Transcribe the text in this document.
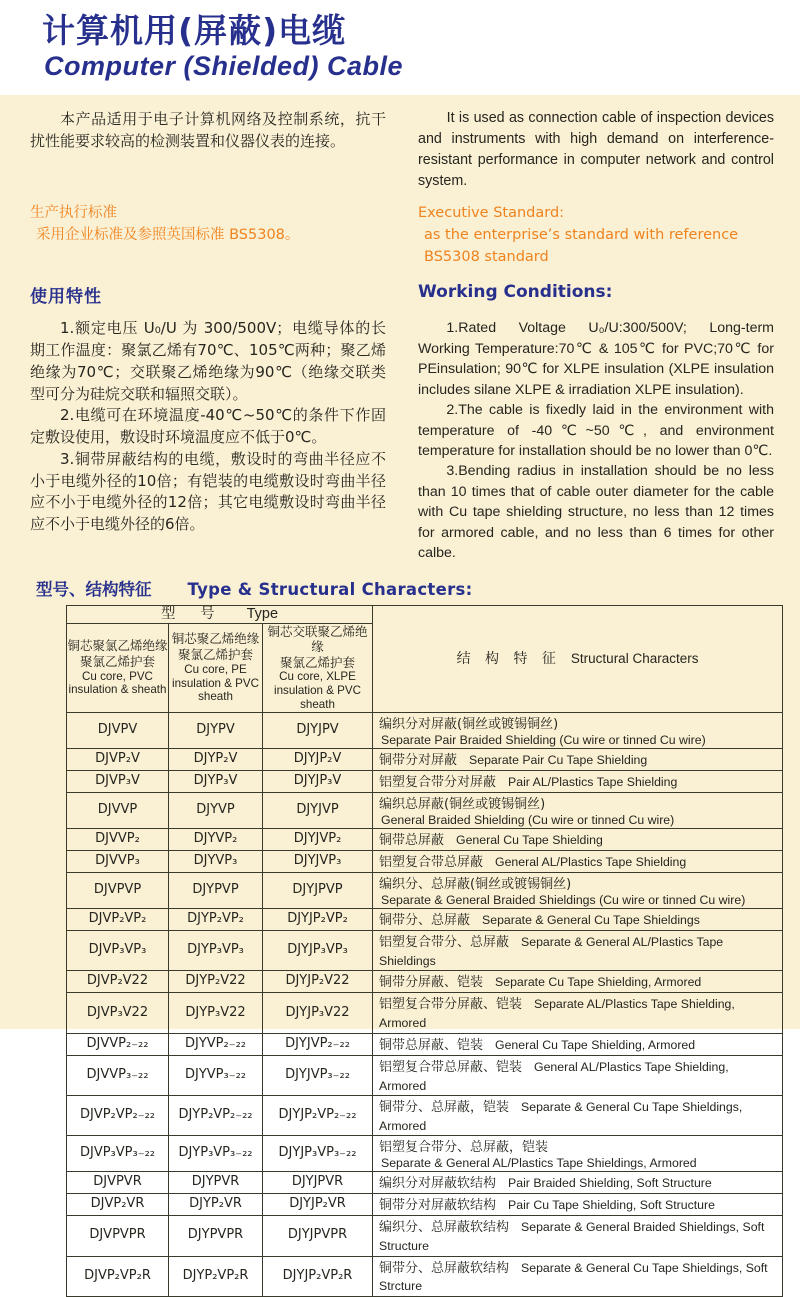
计算机用(屏蔽)电缆
Computer (Shielded) Cable

本产品适用于电子计算机网络及控制系统，抗干扰性能要求较高的检测装置和仪器仪表的连接。

It is used as connection cable of inspection devices and instruments with high demand on interference-resistant performance in computer network and control system.

生产执行标准

采用企业标准及参照英国标准 BS5308。

Executive Standard:

as the enterprise’s standard with reference BS5308 standard

使用特性	Working Conditions:

1.额定电压 U₀/U 为 300/500V；电缆导体的长期工作温度：聚氯乙烯有70℃、105℃两种；聚乙烯绝缘为70℃；交联聚乙烯绝缘为90℃（绝缘交联类型可分为硅烷交联和辐照交联）。

2.电缆可在环境温度-40℃~50℃的条件下作固定敷设使用，敷设时环境温度应不低于0℃。

3.铜带屏蔽结构的电缆，敷设时的弯曲半径应不小于电缆外径的10倍；有铠装的电缆敷设时弯曲半径应不小于电缆外径的12倍；其它电缆敷设时弯曲半径应不小于电缆外径的6倍。

1.Rated Voltage U₀/U:300/500V; Long-term Working Temperature:70℃ & 105℃ for PVC;70℃ for PEinsulation; 90℃ for XLPE insulation (XLPE insulation includes silane XLPE & irradiation XLPE insulation).

2.The cable is fixedly laid in the environment with temperature of -40℃~50℃, and environment temperature for installation should be no lower than 0℃.

3.Bending radius in installation should be no less than 10 times that of cable outer diameter for the cable with Cu tape shielding structure, no less than 12 times for armored cable, and no less than 6 times for other calbe.

型号、结构特征 Type & Structural Characters:
型 号 Type			结 构 特 征 Structural Characters

铜芯聚氯乙烯绝缘
聚氯乙烯护套
Cu core, PVC insulation & sheath	铜芯聚乙烯绝缘
聚氯乙烯护套
Cu core, PE insulation & PVC sheath	铜芯交联聚乙烯绝缘
聚氯乙烯护套
Cu core, XLPE insulation & PVC sheath	

DJVPV	DJYPV	DJYJPV	编织分对屏蔽(铜丝或镀锡铜丝)
Separate Pair Braided Shielding (Cu wire or tinned Cu wire)

DJVP₂V	DJYP₂V	DJYJP₂V	铜带分对屏蔽 Separate Pair Cu Tape Shielding
DJVP₃V	DJYP₃V	DJYJP₃V	铝塑复合带分对屏蔽 Pair AL/Plastics Tape Shielding
DJVVP	DJYVP	DJYJVP	编织总屏蔽(铜丝或镀锡铜丝)
General Braided Shielding (Cu wire or tinned Cu wire)

DJVVP₂	DJYVP₂	DJYJVP₂	铜带总屏蔽 General Cu Tape Shielding
DJVVP₃	DJYVP₃	DJYJVP₃	铝塑复合带总屏蔽 General AL/Plastics Tape Shielding
DJVPVP	DJYPVP	DJYJPVP	编织分、总屏蔽(铜丝或镀锡铜丝)
Separate & General Braided Shieldings (Cu wire or tinned Cu wire)

DJVP₂VP₂	DJYP₂VP₂	DJYJP₂VP₂	铜带分、总屏蔽 Separate & General Cu Tape Shieldings
DJVP₃VP₃	DJYP₃VP₃	DJYJP₃VP₃	铝塑复合带分、总屏蔽 Separate & General AL/Plastics Tape Shieldings
DJVP₂V22	DJYP₂V22	DJYJP₂V22	铜带分屏蔽、铠装 Separate Cu Tape Shielding, Armored
DJVP₃V22	DJYP₃V22	DJYJP₃V22	铝塑复合带分屏蔽、铠装 Separate AL/Plastics Tape Shielding, Armored
DJVVP₂₋₂₂	DJYVP₂₋₂₂	DJYJVP₂₋₂₂	铜带总屏蔽、铠装 General Cu Tape Shielding, Armored
DJVVP₃₋₂₂	DJYVP₃₋₂₂	DJYJVP₃₋₂₂	铝塑复合带总屏蔽、铠装 General AL/Plastics Tape Shielding, Armored
DJVP₂VP₂₋₂₂	DJYP₂VP₂₋₂₂	DJYJP₂VP₂₋₂₂	铜带分、总屏蔽，铠装 Separate & General Cu Tape Shieldings, Armored
DJVP₃VP₃₋₂₂	DJYP₃VP₃₋₂₂	DJYJP₃VP₃₋₂₂	铝塑复合带分、总屏蔽，铠装
Separate & General AL/Plastics Tape Shieldings, Armored

DJVPVR	DJYPVR	DJYJPVR	编织分对屏蔽软结构 Pair Braided Shielding, Soft Structure
DJVP₂VR	DJYP₂VR	DJYJP₂VR	铜带分对屏蔽软结构 Pair Cu Tape Shielding, Soft Structure
DJVPVPR	DJYPVPR	DJYJPVPR	编织分、总屏蔽软结构 Separate & General Braided Shieldings, Soft Structure
DJVP₂VP₂R	DJYP₂VP₂R	DJYJP₂VP₂R	铜带分、总屏蔽软结构 Separate & General Cu Tape Shieldings, Soft Strcture
